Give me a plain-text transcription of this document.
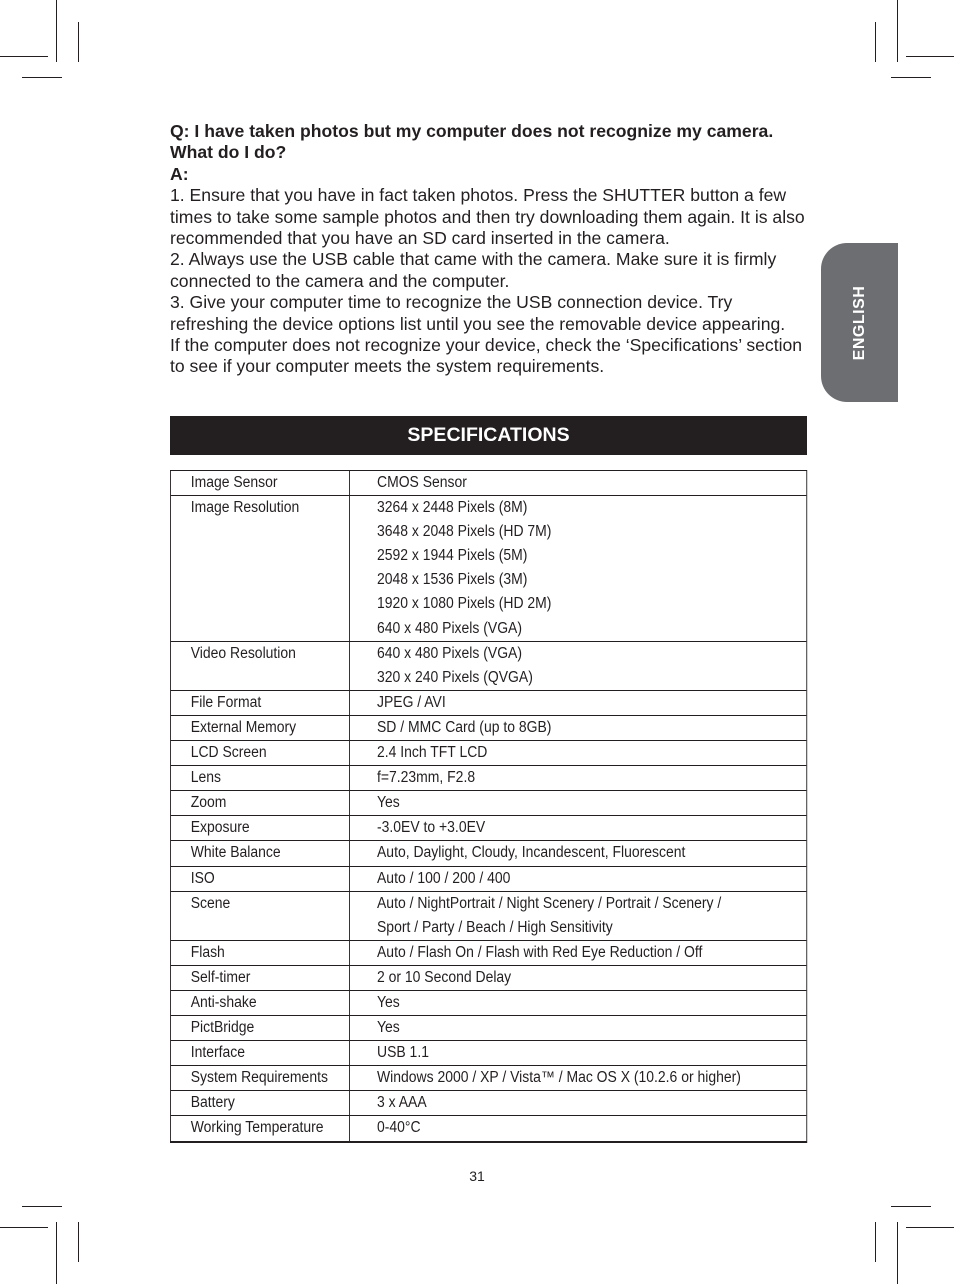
Q: I have taken photos but my computer does not recognize my camera. What do I do?

A:

1. Ensure that you have in fact taken photos. Press the SHUTTER button a few times to take some sample photos and then try downloading them again. It is also recommended that you have an SD card inserted in the camera.

2. Always use the USB cable that came with the camera. Make sure it is firmly connected to the camera and the computer.

3. Give your computer time to recognize the USB connection device. Try refreshing the device options list until you see the removable device appearing.

If the computer does not recognize your device, check the ‘Specifications’ section to see if your computer meets the system requirements.

ENGLISH
SPECIFICATIONS
Image Sensor	CMOS Sensor
Image Resolution	3264 x 2448 Pixels (8M)
3648 x 2048 Pixels (HD 7M)
2592 x 1944 Pixels (5M)
2048 x 1536 Pixels (3M)
1920 x 1080 Pixels (HD 2M)
640 x 480 Pixels (VGA)
Video Resolution	640 x 480 Pixels (VGA)
320 x 240 Pixels (QVGA)
File Format	JPEG / AVI
External Memory	SD / MMC Card (up to 8GB)
LCD Screen	2.4 Inch TFT LCD
Lens	f=7.23mm, F2.8
Zoom	Yes
Exposure	-3.0EV to +3.0EV
White Balance	Auto, Daylight, Cloudy, Incandescent, Fluorescent
ISO	Auto / 100 / 200 / 400
Scene	Auto / NightPortrait / Night Scenery / Portrait / Scenery /
Sport / Party / Beach / High Sensitivity
Flash	Auto / Flash On / Flash with Red Eye Reduction / Off
Self-timer	2 or 10 Second Delay
Anti-shake	Yes
PictBridge	Yes
Interface	USB 1.1
System Requirements	Windows 2000 / XP / Vista™ / Mac OS X (10.2.6 or higher)
Battery	3 x AAA
Working Temperature	0-40°C
31
